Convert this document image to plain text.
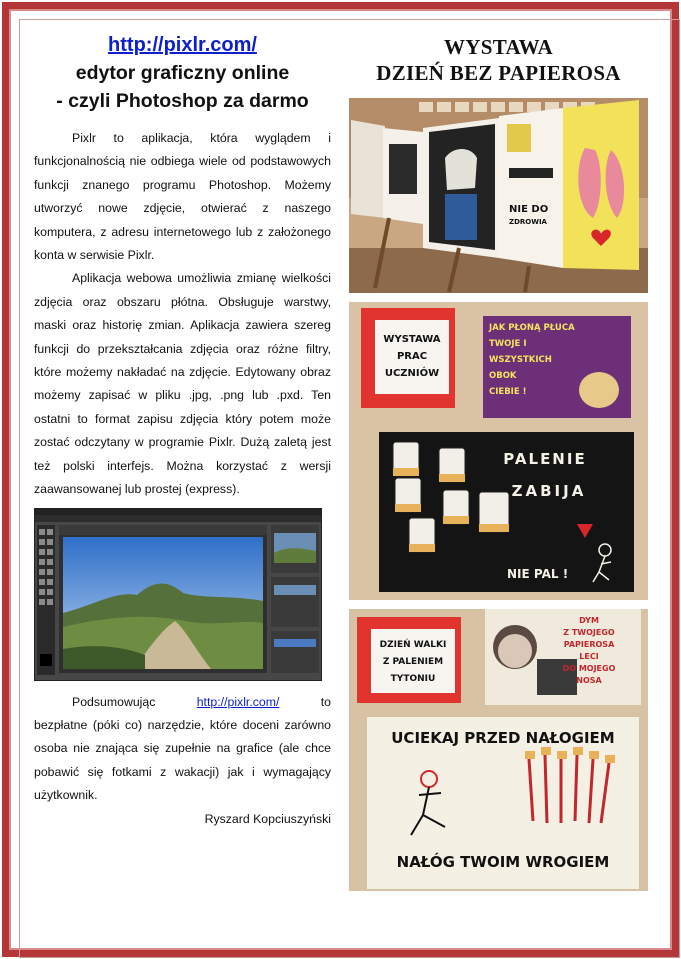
http://pixlr.com/
edytor graficzny online
- czyli Photoshop za darmo

Pixlr to aplikacja, która wyglądem i funkcjonalnością nie odbiega wiele od podstawowych funkcji znanego programu Photoshop. Możemy utworzyć nowe zdjęcie, otwierać z naszego komputera, z adresu internetowego lub z założonego konta w serwisie Pixlr.

Aplikacja webowa umożliwia zmianę wielkości zdjęcia oraz obszaru płótna. Obsługuje warstwy, maski oraz historię zmian. Aplikacja zawiera szereg funkcji do przekształcania zdjęcia oraz różne filtry, które możemy nakładać na zdjęcie. Edytowany obraz możemy zapisać w pliku .jpg, .png lub .pxd. Ten ostatni to format zapisu zdjęcia który potem może zostać odczytany w programie Pixlr. Dużą zaletą jest też polski interfejs. Można korzystać z wersji zaawansowanej lub prostej (express).

Podsumowując	http://pixlr.com/	to bezpłatne (póki co) narzędzie, które doceni zarówno osoba nie znająca się zupełnie na grafice (ale chce pobawić się fotkami z wakacji) jak i wymagający użytkownik.

Ryszard Kopciuszyński
WYSTAWA
DZIEŃ BEZ PAPIEROSA
NIE DO
ZDROWIA
WYSTAWA
PRAC
UCZNIÓW
JAK PŁONĄ PŁUCA
TWOJE I
WSZYSTKICH
OBOK
CIEBIE !
PALENIE
ZABIJA
NIE PAL !
DZIEŃ WALKI
Z PALENIEM
TYTONIU
DYM
Z TWOJEGO
PAPIEROSA
LECI
DO MOJEGO
NOSA
UCIEKAJ PRZED NAŁOGIEM
NAŁÓG TWOIM WROGIEM
